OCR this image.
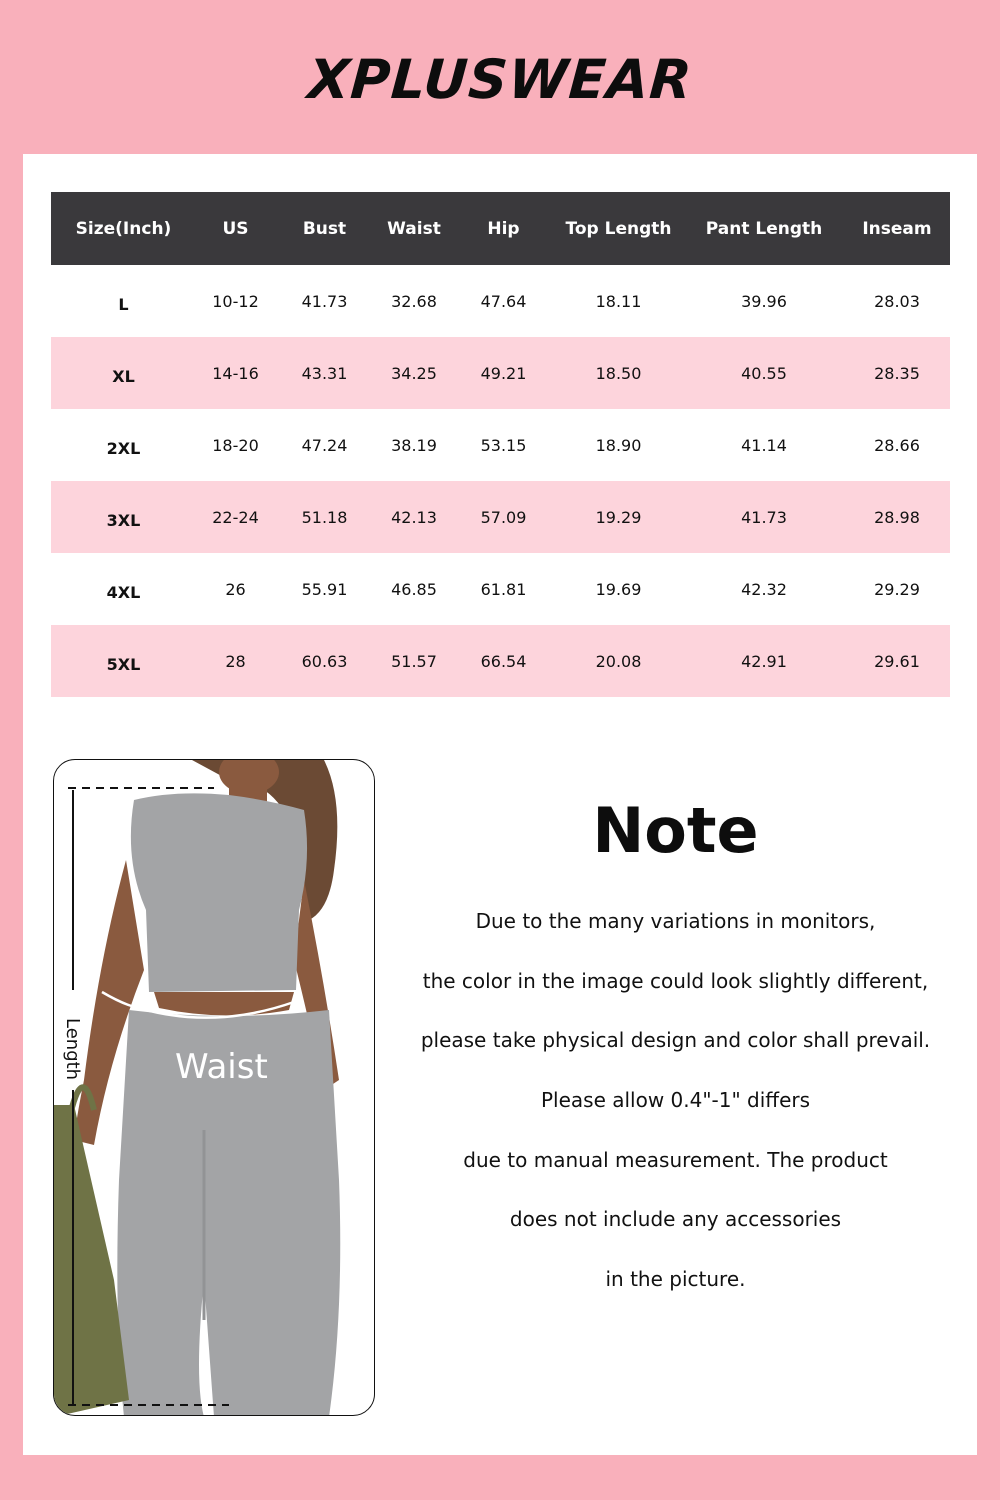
XPLUSWEAR
Size(Inch)	US	Bust	Waist	Hip	Top Length	Pant Length	Inseam
L	10-12	41.73	32.68	47.64	18.11	39.96	28.03
XL	14-16	43.31	34.25	49.21	18.50	40.55	28.35
2XL	18-20	47.24	38.19	53.15	18.90	41.14	28.66
3XL	22-24	51.18	42.13	57.09	19.29	41.73	28.98
4XL	26	55.91	46.85	61.81	19.69	42.32	29.29
5XL	28	60.63	51.57	66.54	20.08	42.91	29.61
Length	Waist
Note
Due to the many variations in monitors,
the color in the image could look slightly different,
please take physical design and color shall prevail.
Please allow 0.4"-1" differs
due to manual measurement. The product
does not include any accessories
in the picture.
